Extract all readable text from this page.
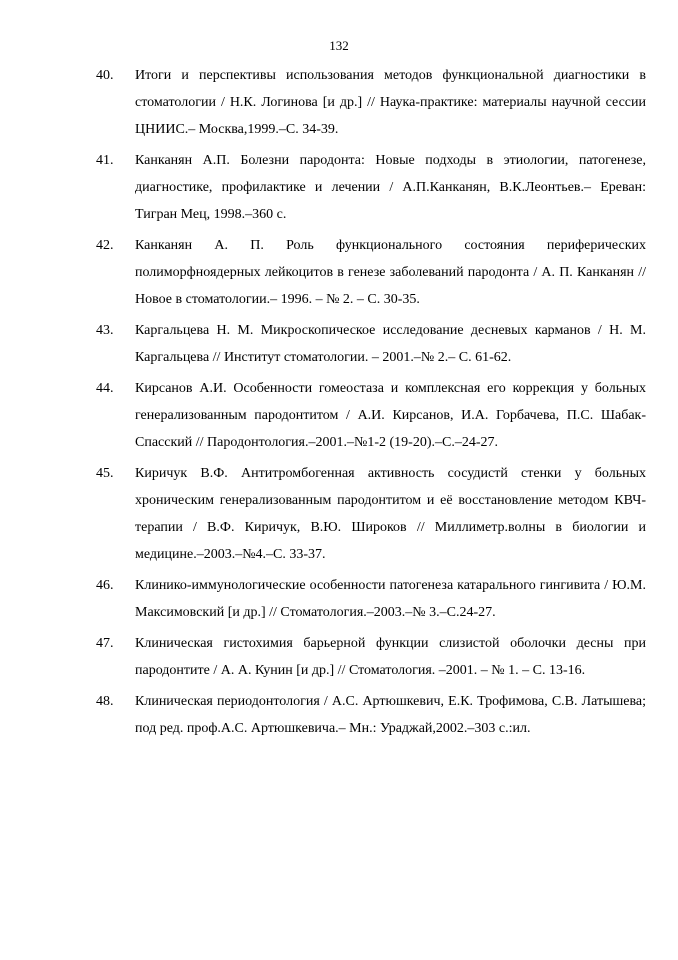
132
40. Итоги и перспективы использования методов функциональной диагностики в стоматологии / Н.К. Логинова [и др.] // Наука-практике: материалы научной сессии ЦНИИС.– Москва,1999.–С. 34-39.
41. Канканян А.П. Болезни пародонта: Новые подходы в этиологии, патогенезе, диагностике, профилактике и лечении / А.П.Канканян, В.К.Леонтьев.– Ереван: Тигран Мец, 1998.–360 с.
42. Канканян А. П. Роль функционального состояния периферических полиморфноядерных лейкоцитов в генезе заболеваний пародонта / А. П. Канканян // Новое в стоматологии.– 1996. – № 2. – С. 30-35.
43. Каргальцева Н. М. Микроскопическое исследование десневых карманов / Н. М. Каргальцева // Институт стоматологии. – 2001.–№ 2.– С. 61-62.
44. Кирсанов А.И. Особенности гомеостаза и комплексная его коррекция у больных генерализованным пародонтитом / А.И. Кирсанов, И.А. Горбачева, П.С. Шабак-Спасский // Пародонтология.–2001.–№1-2 (19-20).–С.–24-27.
45. Киричук В.Ф. Антитромбогенная активность сосудистй стенки у больных хроническим генерализованным пародонтитом и её восстановление методом КВЧ-терапии / В.Ф. Киричук, В.Ю. Широков // Миллиметр.волны в биологии и медицине.–2003.–№4.–С. 33-37.
46. Клинико-иммунологические особенности патогенеза катарального гингивита / Ю.М. Максимовский [и др.] // Стоматология.–2003.–№ 3.–С.24-27.
47. Клиническая гистохимия барьерной функции слизистой оболочки десны при пародонтите / А. А. Кунин [и др.] // Стоматология. –2001. – № 1. – С. 13-16.
48. Клиническая периодонтология / А.С. Артюшкевич, Е.К. Трофимова, С.В. Латышева; под ред. проф.А.С. Артюшкевича.– Мн.: Ураджай,2002.–303 с.:ил.
